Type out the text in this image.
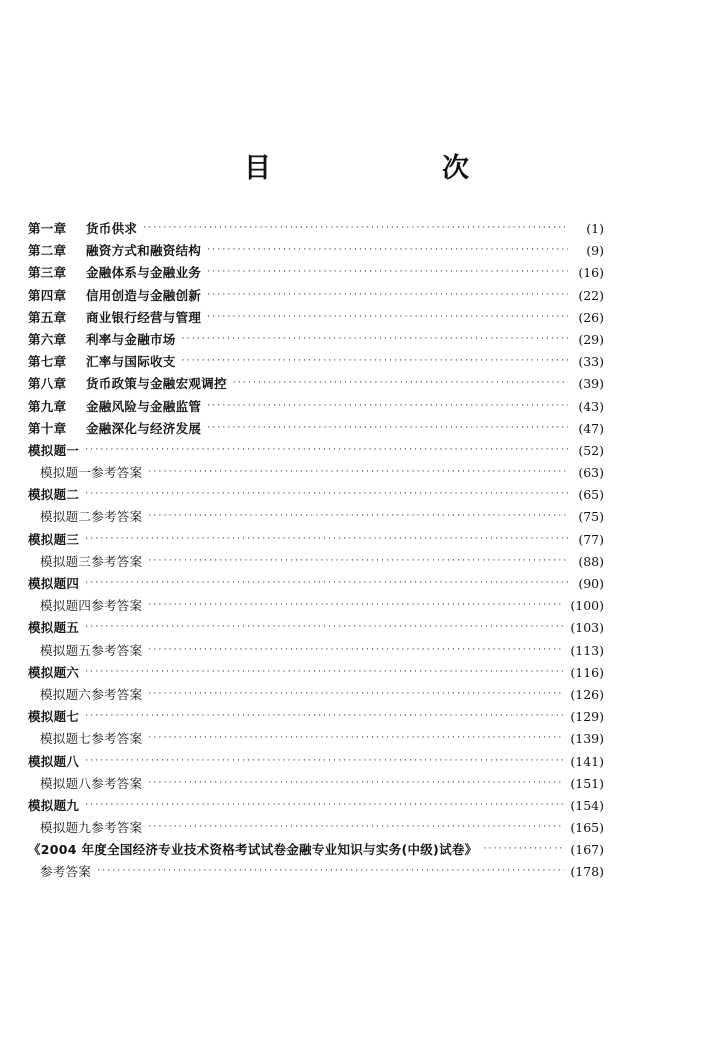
目　次
第一章 货币供求 ·····	(1)
第二章 融资方式和融资结构 ·····	(9)
第三章 金融体系与金融业务 ·····	(16)
第四章 信用创造与金融创新 ·····	(22)
第五章 商业银行经营与管理 ·····	(26)
第六章 利率与金融市场 ·····	(29)
第七章 汇率与国际收支 ·····	(33)
第八章 货币政策与金融宏观调控 ·····	(39)
第九章 金融风险与金融监管 ·····	(43)
第十章 金融深化与经济发展 ·····	(47)
模拟题一 ·····	(52)
模拟题一参考答案 ·····	(63)
模拟题二 ·····	(65)
模拟题二参考答案 ·····	(75)
模拟题三 ·····	(77)
模拟题三参考答案 ·····	(88)
模拟题四 ·····	(90)
模拟题四参考答案 ·····	(100)
模拟题五 ·····	(103)
模拟题五参考答案 ·····	(113)
模拟题六 ·····	(116)
模拟题六参考答案 ·····	(126)
模拟题七 ·····	(129)
模拟题七参考答案 ·····	(139)
模拟题八 ·····	(141)
模拟题八参考答案 ·····	(151)
模拟题九 ·····	(154)
模拟题九参考答案 ·····	(165)
《2004 年度全国经济专业技术资格考试试卷金融专业知识与实务(中级)试卷》 ·····	(167)
参考答案 ·····	(178)
